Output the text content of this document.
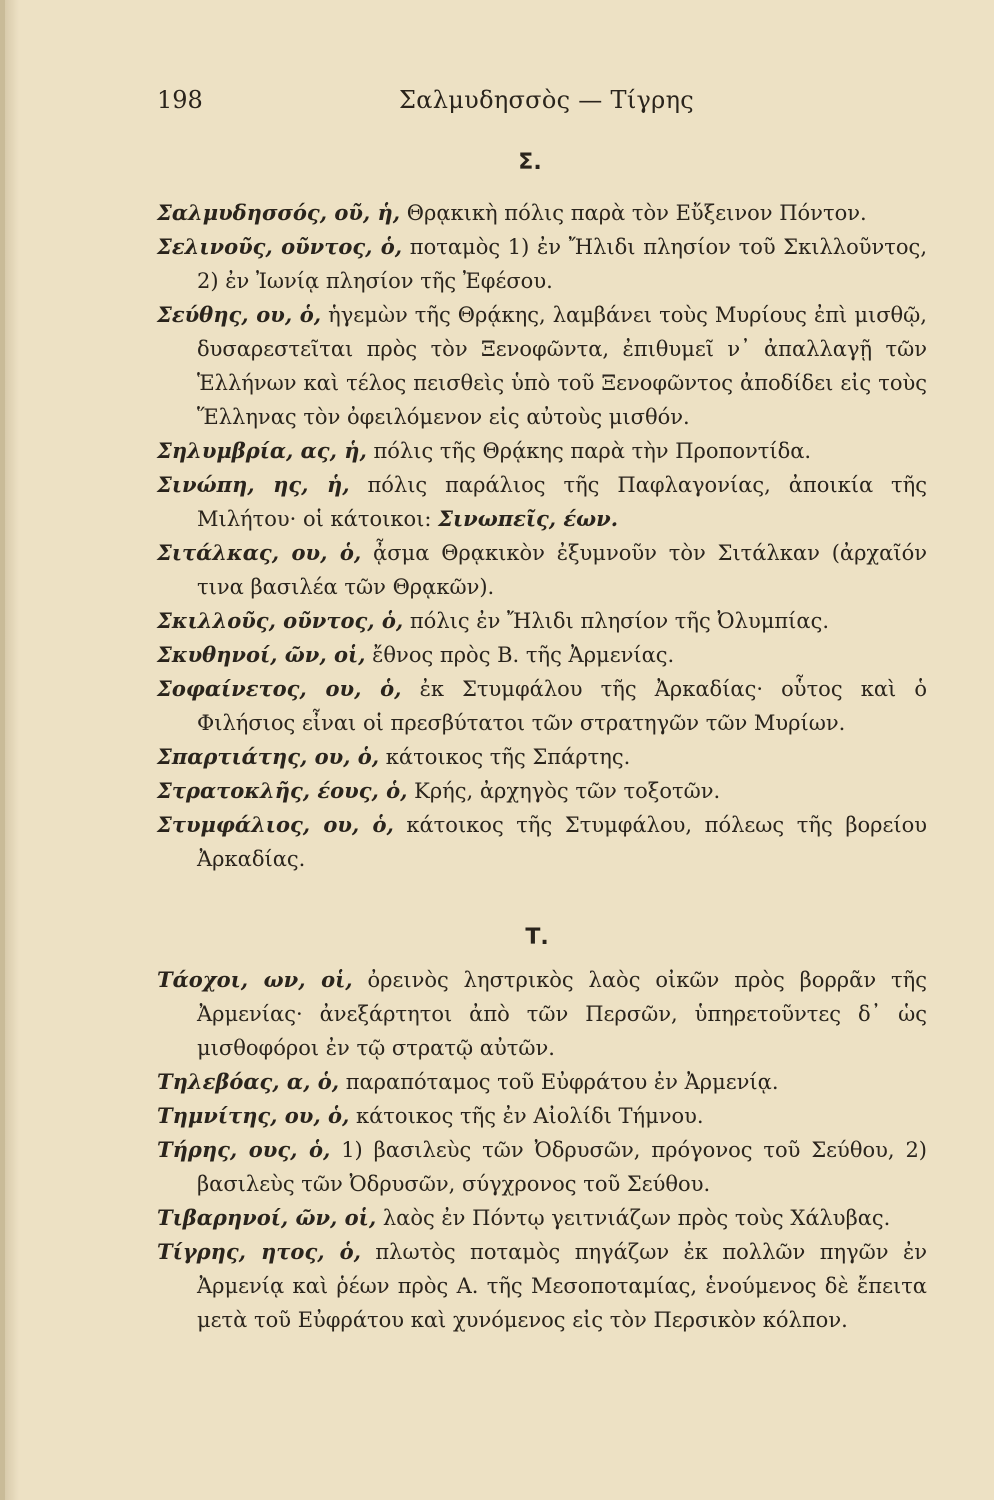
198	Σαλμυδησσὸς — Τίγρης
Σ.
Σαλμυδησσός, οῦ, ἡ, Θρᾳκικὴ πόλις παρὰ τὸν Εὔξεινον Πόντον.
Σελινοῦς, οῦντος, ὁ, ποταμὸς 1) ἐν Ἤλιδι πλησίον τοῦ Σκιλλοῦντος, 2) ἐν Ἰωνίᾳ πλησίον τῆς Ἐφέσου.
Σεύθης, ου, ὁ, ἡγεμὼν τῆς Θρᾴκης, λαμβάνει τοὺς Μυρίους ἐπὶ μισθῷ, δυσαρεστεῖται πρὸς τὸν Ξενοφῶντα, ἐπιθυμεῖ ν᾽ ἀπαλλαγῇ τῶν Ἑλλήνων καὶ τέλος πεισθεὶς ὑπὸ τοῦ Ξενοφῶντος ἀποδίδει εἰς τοὺς Ἕλληνας τὸν ὀφειλόμενον εἰς αὐτοὺς μισθόν.
Σηλυμβρία, ας, ἡ, πόλις τῆς Θρᾴκης παρὰ τὴν Προποντίδα.
Σινώπη, ης, ἡ, πόλις παράλιος τῆς Παφλαγονίας, ἀποικία τῆς Μιλήτου· οἱ κάτοικοι: Σινωπεῖς, έων.
Σιτάλκας, ου, ὁ, ᾆσμα Θρᾳκικὸν ἐξυμνοῦν τὸν Σιτάλκαν (ἀρχαῖόν τινα βασιλέα τῶν Θρᾳκῶν).
Σκιλλοῦς, οῦντος, ὁ, πόλις ἐν Ἤλιδι πλησίον τῆς Ὀλυμπίας.
Σκυθηνοί, ῶν, οἱ, ἔθνος πρὸς Β. τῆς Ἀρμενίας.
Σοφαίνετος, ου, ὁ, ἐκ Στυμφάλου τῆς Ἀρκαδίας· οὗτος καὶ ὁ Φιλήσιος εἶναι οἱ πρεσβύτατοι τῶν στρατηγῶν τῶν Μυρίων.
Σπαρτιάτης, ου, ὁ, κάτοικος τῆς Σπάρτης.
Στρατοκλῆς, έους, ὁ, Κρής, ἀρχηγὸς τῶν τοξοτῶν.
Στυμφάλιος, ου, ὁ, κάτοικος τῆς Στυμφάλου, πόλεως τῆς βορείου Ἀρκαδίας.
Τ.
Τάοχοι, ων, οἱ, ὀρεινὸς ληστρικὸς λαὸς οἰκῶν πρὸς βορρᾶν τῆς Ἀρμενίας· ἀνεξάρτητοι ἀπὸ τῶν Περσῶν, ὑπηρετοῦντες δ᾽ ὡς μισθοφόροι ἐν τῷ στρατῷ αὐτῶν.
Τηλεβόας, α, ὁ, παραπόταμος τοῦ Εὐφράτου ἐν Ἀρμενίᾳ.
Τημνίτης, ου, ὁ, κάτοικος τῆς ἐν Αἰολίδι Τήμνου.
Τήρης, ους, ὁ, 1) βασιλεὺς τῶν Ὀδρυσῶν, πρόγονος τοῦ Σεύθου, 2) βασιλεὺς τῶν Ὀδρυσῶν, σύγχρονος τοῦ Σεύθου.
Τιβαρηνοί, ῶν, οἱ, λαὸς ἐν Πόντῳ γειτνιάζων πρὸς τοὺς Χάλυβας.
Τίγρης, ητος, ὁ, πλωτὸς ποταμὸς πηγάζων ἐκ πολλῶν πηγῶν ἐν Ἀρμενίᾳ καὶ ῥέων πρὸς Α. τῆς Μεσοποταμίας, ἑνούμενος δὲ ἔπειτα μετὰ τοῦ Εὐφράτου καὶ χυνόμενος εἰς τὸν Περσικὸν κόλπον.
